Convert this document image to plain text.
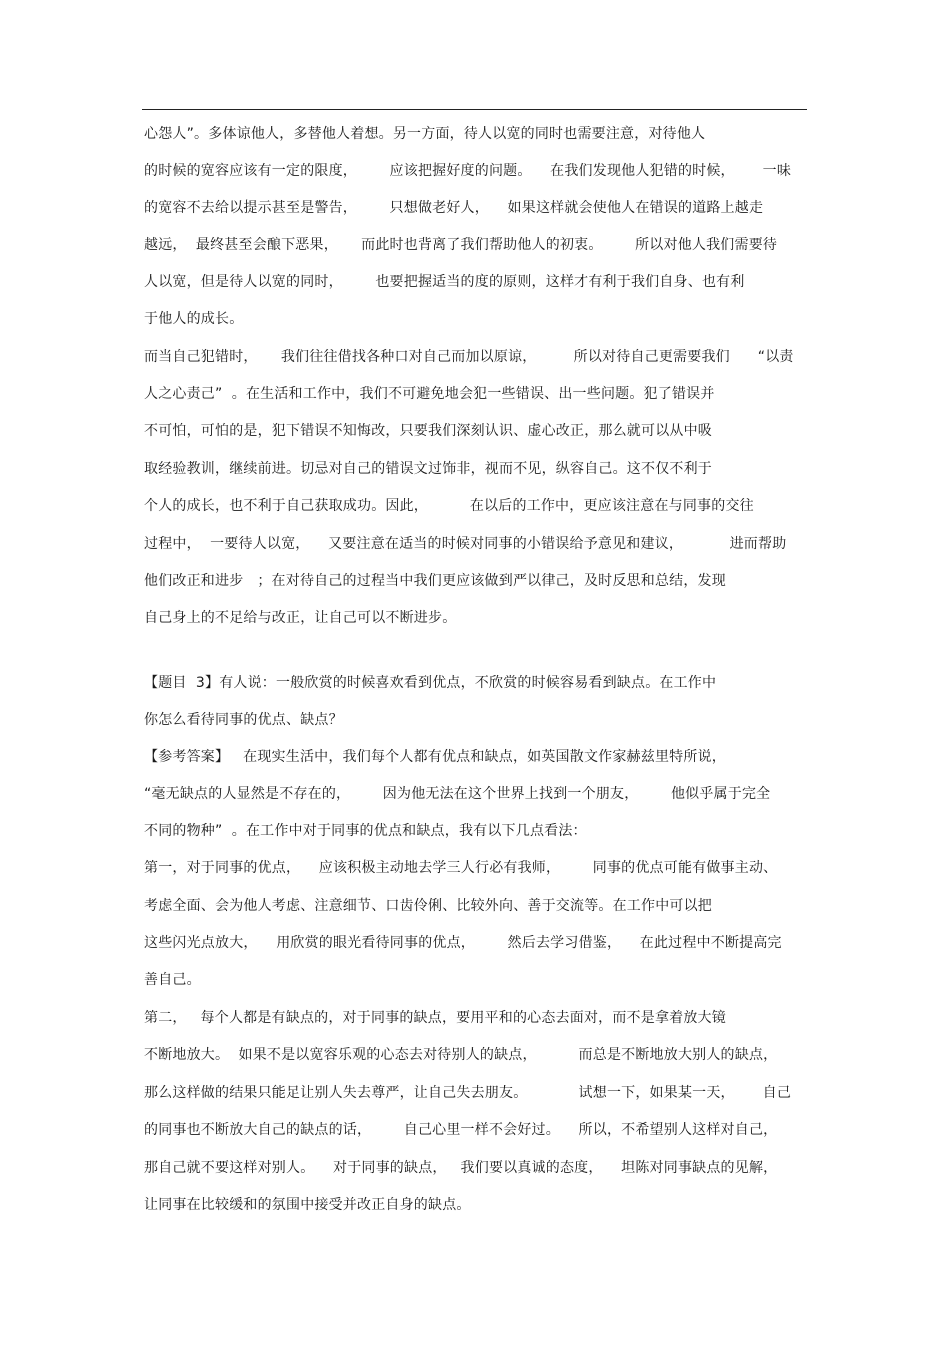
心怨人”。多体谅他人，多替他人着想。另一方面，待人以宽的同时也需要注意，对待他人
的时候的宽容应该有一定的限度，       应该把握好度的问题。    在我们发现他人犯错的时候，      一味
的宽容不去给以提示甚至是警告，       只想做老好人，    如果这样就会使他人在错误的道路上越走
越远，  最终甚至会酿下恶果，     而此时也背离了我们帮助他人的初衷。       所以对他人我们需要待
人以宽，但是待人以宽的同时，       也要把握适当的度的原则，这样才有利于我们自身、也有利
于他人的成长。
而当自己犯错时，     我们往往借找各种口对自己而加以原谅，        所以对待自己更需要我们      “以责
人之心责己”  。在生活和工作中，我们不可避免地会犯一些错误、出一些问题。犯了错误并
不可怕，可怕的是，犯下错误不知悔改，只要我们深刻认识、虚心改正，那么就可以从中吸
取经验教训，继续前进。切忌对自己的错误文过饰非，视而不见，纵容自己。这不仅不利于
个人的成长，也不利于自己获取成功。因此，         在以后的工作中，更应该注意在与同事的交往
过程中，  一要待人以宽，    又要注意在适当的时候对同事的小错误给予意见和建议，          进而帮助
他们改正和进步   ；在对待自己的过程当中我们更应该做到严以律己，及时反思和总结，发现
自己身上的不足给与改正，让自己可以不断进步。
【题目  3】有人说：一般欣赏的时候喜欢看到优点，不欣赏的时候容易看到缺点。在工作中
你怎么看待同事的优点、缺点？
【参考答案】   在现实生活中，我们每个人都有优点和缺点，如英国散文作家赫兹里特所说，
“毫无缺点的人显然是不存在的，       因为他无法在这个世界上找到一个朋友，       他似乎属于完全
不同的物种”  。在工作中对于同事的优点和缺点，我有以下几点看法：
第一，对于同事的优点，    应该积极主动地去学三人行必有我师，       同事的优点可能有做事主动、
考虑全面、会为他人考虑、注意细节、口齿伶俐、比较外向、善于交流等。在工作中可以把
这些闪光点放大，    用欣赏的眼光看待同事的优点，       然后去学习借鉴，    在此过程中不断提高完
善自己。
第二，   每个人都是有缺点的，对于同事的缺点，要用平和的心态去面对，而不是拿着放大镜
不断地放大。  如果不是以宽容乐观的心态去对待别人的缺点，         而总是不断地放大别人的缺点，
那么这样做的结果只能足让别人失去尊严，让自己失去朋友。           试想一下，如果某一天，      自己
的同事也不断放大自己的缺点的话，       自己心里一样不会好过。    所以，不希望别人这样对自己，
那自己就不要这样对别人。    对于同事的缺点，   我们要以真诚的态度，    坦陈对同事缺点的见解，
让同事在比较缓和的氛围中接受并改正自身的缺点。
